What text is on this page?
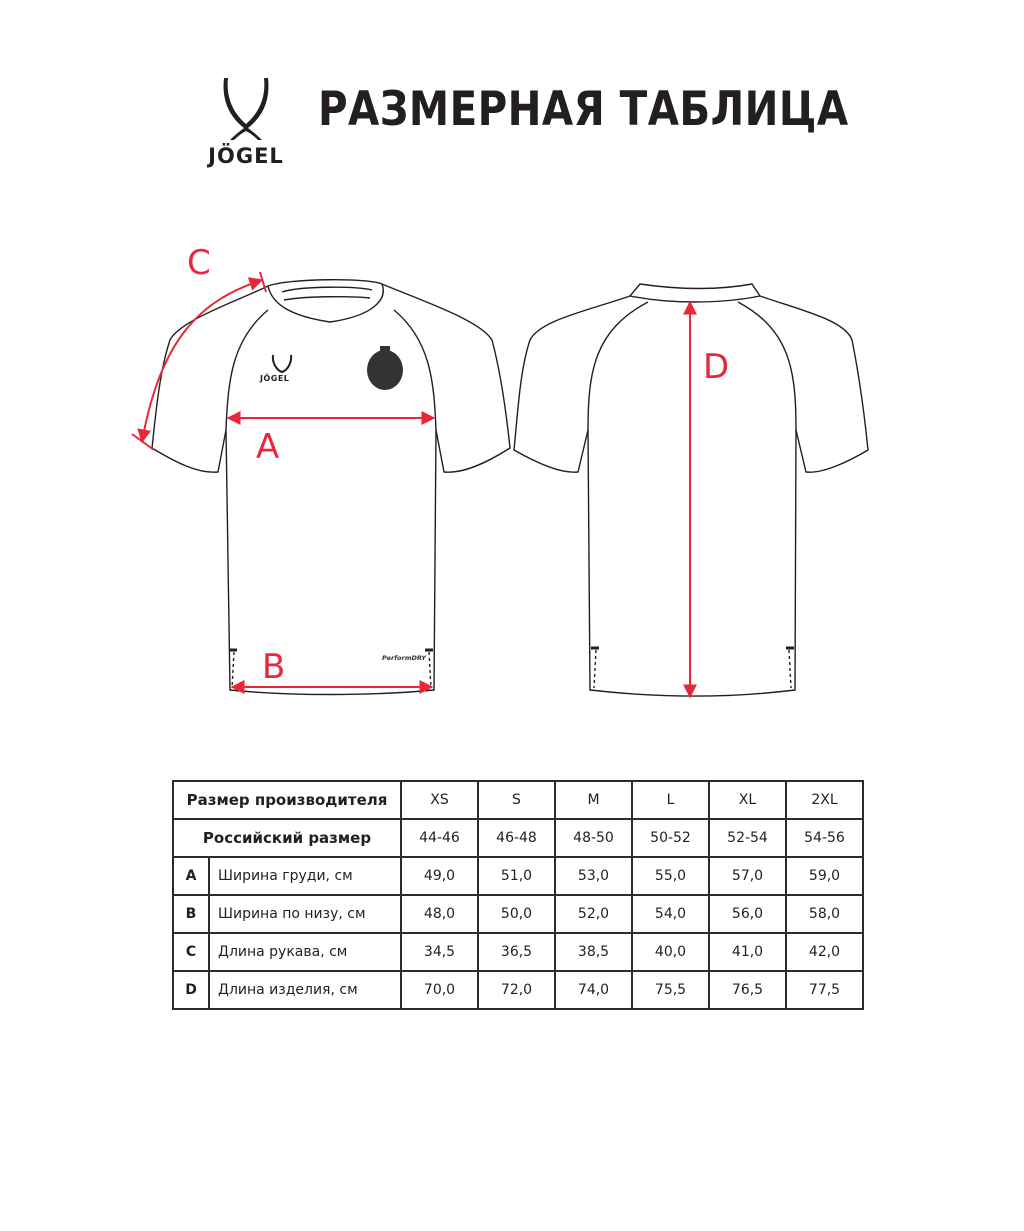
JÖGEL
РАЗМЕРНАЯ ТАБЛИЦА
JÖGEL
PerformDRY
C
A
B
D
Размер производителя		XS	S	M	L	XL	2XL
Российский размер		44-46	46-48	48-50	50-52	52-54	54-56
A	Ширина груди, см	49,0	51,0	53,0	55,0	57,0	59,0
B	Ширина по низу, см	48,0	50,0	52,0	54,0	56,0	58,0
C	Длина рукава, см	34,5	36,5	38,5	40,0	41,0	42,0
D	Длина изделия, см	70,0	72,0	74,0	75,5	76,5	77,5
